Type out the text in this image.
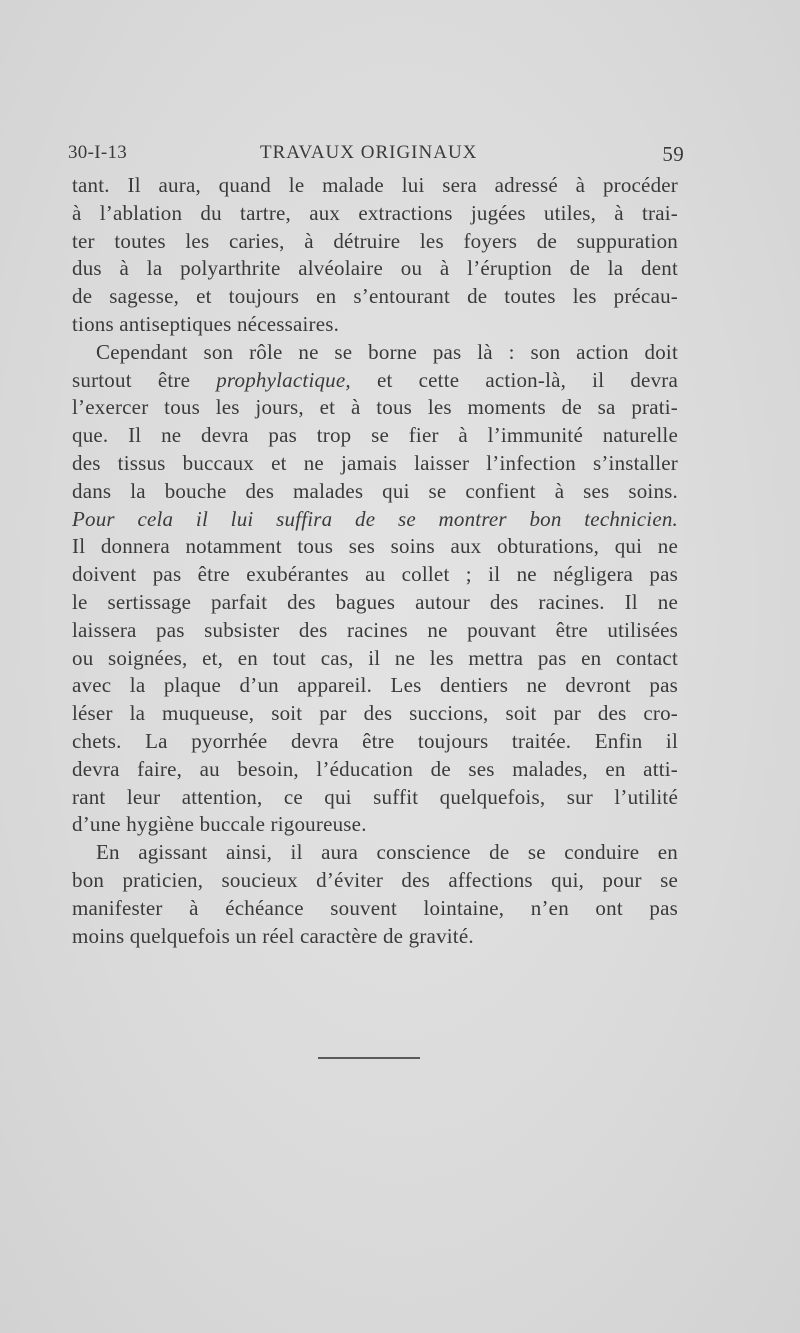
30-I-13	TRAVAUX ORIGINAUX	59
tant. Il aura, quand le malade lui sera adressé à procéder
à l’ablation du tartre, aux extractions jugées utiles, à trai-
ter toutes les caries, à détruire les foyers de suppuration
dus à la polyarthrite alvéolaire ou à l’éruption de la dent
de sagesse, et toujours en s’entourant de toutes les précau-
tions antiseptiques nécessaires.
Cependant son rôle ne se borne pas là : son action doit
surtout être prophylactique, et cette action-là, il devra
l’exercer tous les jours, et à tous les moments de sa prati-
que. Il ne devra pas trop se fier à l’immunité naturelle
des tissus buccaux et ne jamais laisser l’infection s’installer
dans la bouche des malades qui se confient à ses soins.
Pour cela il lui suffira de se montrer bon technicien.
Il donnera notamment tous ses soins aux obturations, qui ne
doivent pas être exubérantes au collet ; il ne négligera pas
le sertissage parfait des bagues autour des racines. Il ne
laissera pas subsister des racines ne pouvant être utilisées
ou soignées, et, en tout cas, il ne les mettra pas en contact
avec la plaque d’un appareil. Les dentiers ne devront pas
léser la muqueuse, soit par des succions, soit par des cro-
chets. La pyorrhée devra être toujours traitée. Enfin il
devra faire, au besoin, l’éducation de ses malades, en atti-
rant leur attention, ce qui suffit quelquefois, sur l’utilité
d’une hygiène buccale rigoureuse.
En agissant ainsi, il aura conscience de se conduire en
bon praticien, soucieux d’éviter des affections qui, pour se
manifester à échéance souvent lointaine, n’en ont pas
moins quelquefois un réel caractère de gravité.
